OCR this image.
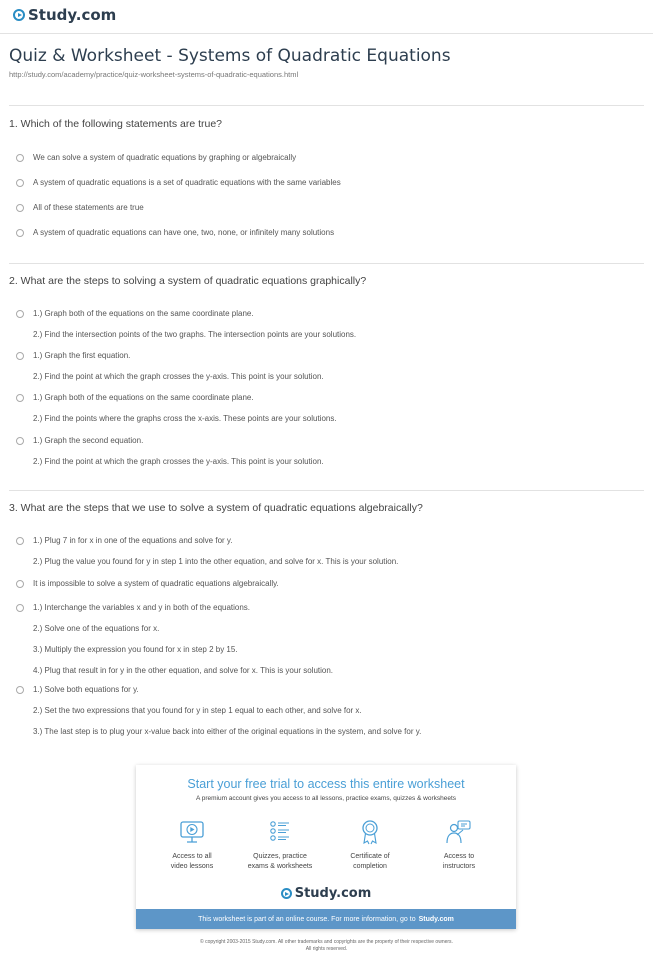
Study.com
Quiz & Worksheet - Systems of Quadratic Equations
http://study.com/academy/practice/quiz-worksheet-systems-of-quadratic-equations.html
1. Which of the following statements are true?
We can solve a system of quadratic equations by graphing or algebraically
A system of quadratic equations is a set of quadratic equations with the same variables
All of these statements are true
A system of quadratic equations can have one, two, none, or infinitely many solutions
2. What are the steps to solving a system of quadratic equations graphically?
1.) Graph both of the equations on the same coordinate plane.
2.) Find the intersection points of the two graphs. The intersection points are your solutions.
1.) Graph the first equation.
2.) Find the point at which the graph crosses the y-axis. This point is your solution.
1.) Graph both of the equations on the same coordinate plane.
2.) Find the points where the graphs cross the x-axis. These points are your solutions.
1.) Graph the second equation.
2.) Find the point at which the graph crosses the y-axis. This point is your solution.
3. What are the steps that we use to solve a system of quadratic equations algebraically?
1.) Plug 7 in for x in one of the equations and solve for y.
2.) Plug the value you found for y in step 1 into the other equation, and solve for x. This is your solution.
It is impossible to solve a system of quadratic equations algebraically.
1.) Interchange the variables x and y in both of the equations.
2.) Solve one of the equations for x.
3.) Multiply the expression you found for x in step 2 by 15.
4.) Plug that result in for y in the other equation, and solve for x. This is your solution.
1.) Solve both equations for y.
2.) Set the two expressions that you found for y in step 1 equal to each other, and solve for x.
3.) The last step is to plug your x-value back into either of the original equations in the system, and solve for y.
Start your free trial to access this entire worksheet
A premium account gives you access to all lessons, practice exams, quizzes & worksheets
Access to all
video lessons
Quizzes, practice
exams & worksheets
Certificate of
completion
Access to
instructors
Study.com
This worksheet is part of an online course. For more information, go to Study.com
© copyright 2003-2015 Study.com. All other trademarks and copyrights are the property of their respective owners.
All rights reserved.
